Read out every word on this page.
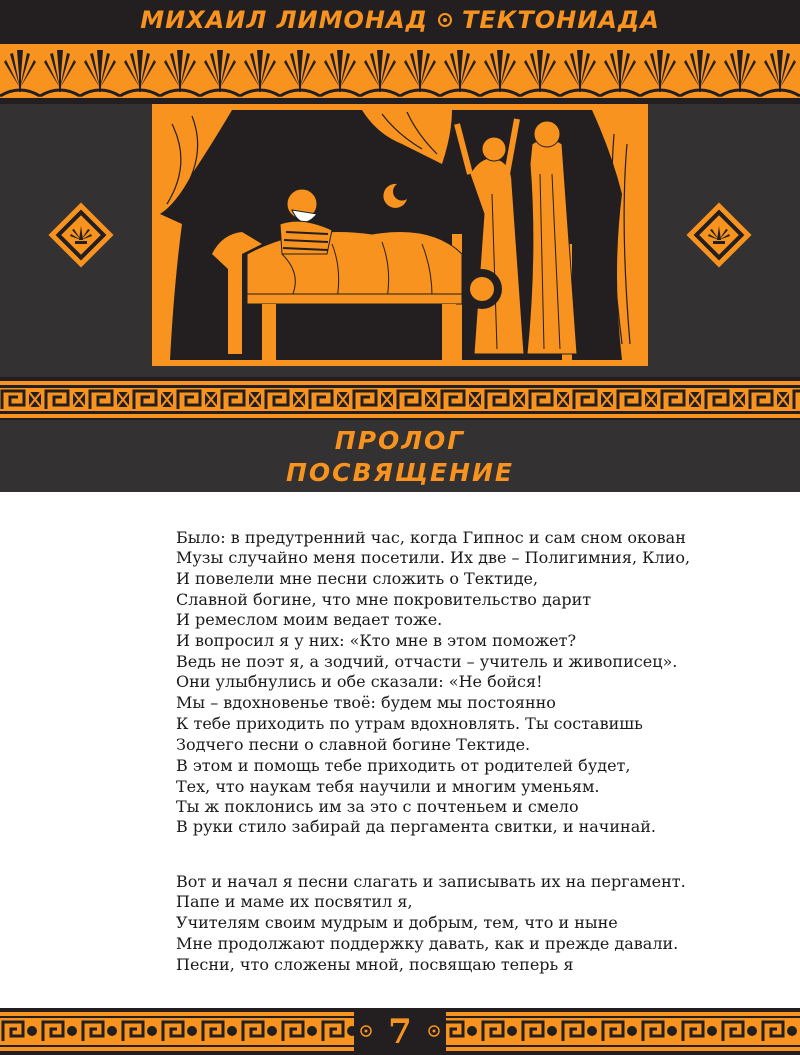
МИХАИЛ ЛИМОНАД ТЕКТОНИАДА
ПРОЛОГ
ПОСВЯЩЕНИЕ
Было: в предутренний час, когда Гипнос и сам сном окован
Музы случайно меня посетили. Их две – Полигимния, Клио,
И повелели мне песни сложить о Тектиде,
Славной богине, что мне покровительство дарит
И ремеслом моим ведает тоже.
И вопросил я у них: «Кто мне в этом поможет?
Ведь не поэт я, а зодчий, отчасти – учитель и живописец».
Они улыбнулись и обе сказали: «Не бойся!
Мы – вдохновенье твоё: будем мы постоянно
К тебе приходить по утрам вдохновлять. Ты составишь
Зодчего песни о славной богине Тектиде.
В этом и помощь тебе приходить от родителей будет,
Тех, что наукам тебя научили и многим уменьям.
Ты ж поклонись им за это с почтеньем и смело
В руки стило забирай да пергамента свитки, и начинай.
Вот и начал я песни слагать и записывать их на пергамент.
Папе и маме их посвятил я,
Учителям своим мудрым и добрым, тем, что и ныне
Мне продолжают поддержку давать, как и прежде давали.
Песни, что сложены мной, посвящаю теперь я
7
